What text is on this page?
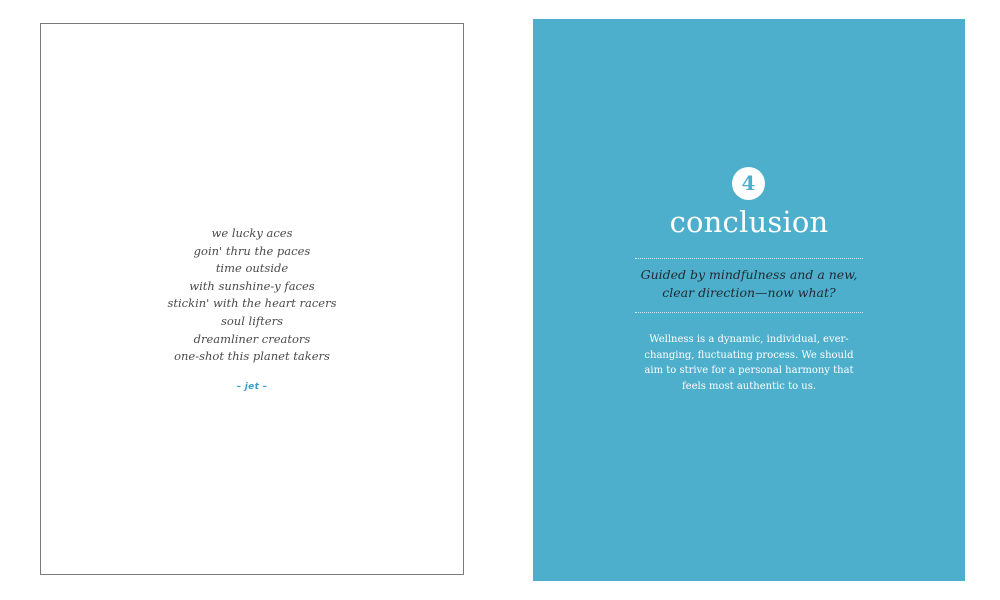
we lucky aces
goin' thru the paces
time outside
with sunshine-y faces
stickin' with the heart racers
soul lifters
dreamliner creators
one-shot this planet takers
– jet –
4
conclusion
Guided by mindfulness and a new,
clear direction—now what?
Wellness is a dynamic, individual, ever-
changing, fluctuating process. We should
aim to strive for a personal harmony that
feels most authentic to us.
